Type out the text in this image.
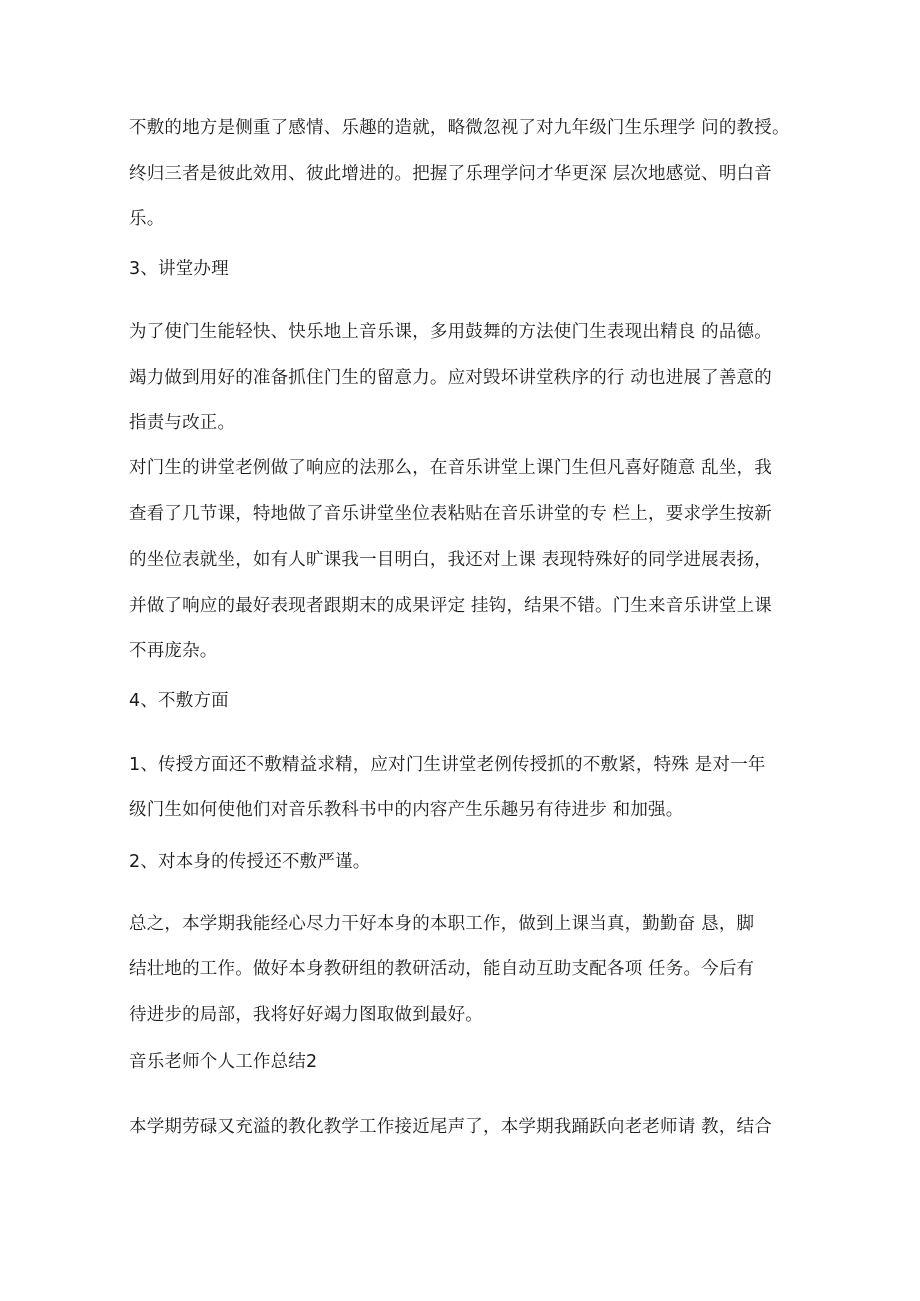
不敷的地方是侧重了感情、乐趣的造就，略微忽视了对九年级门生乐理学 问的教授。
终归三者是彼此效用、彼此增进的。把握了乐理学问才华更深 层次地感觉、明白音
乐。
3、讲堂办理
为了使门生能轻快、快乐地上音乐课，多用鼓舞的方法使门生表现出精良 的品德。
竭力做到用好的准备抓住门生的留意力。应对毁坏讲堂秩序的行 动也进展了善意的
指责与改正。
对门生的讲堂老例做了响应的法那么，在音乐讲堂上课门生但凡喜好随意 乱坐，我
查看了几节课，特地做了音乐讲堂坐位表粘贴在音乐讲堂的专 栏上，要求学生按新
的坐位表就坐，如有人旷课我一目明白，我还对上课 表现特殊好的同学进展表扬，
并做了响应的最好表现者跟期末的成果评定 挂钩，结果不错。门生来音乐讲堂上课
不再庞杂。
4、不敷方面
1、传授方面还不敷精益求精，应对门生讲堂老例传授抓的不敷紧，特殊 是对一年
级门生如何使他们对音乐教科书中的内容产生乐趣另有待进步 和加强。
2、对本身的传授还不敷严谨。
总之，本学期我能经心尽力干好本身的本职工作，做到上课当真，勤勤奋 恳，脚
结壮地的工作。做好本身教研组的教研活动，能自动互助支配各项 任务。今后有
待进步的局部，我将好好竭力图取做到最好。
音乐老师个人工作总结2
本学期劳碌又充溢的教化教学工作接近尾声了，本学期我踊跃向老老师请 教，结合
